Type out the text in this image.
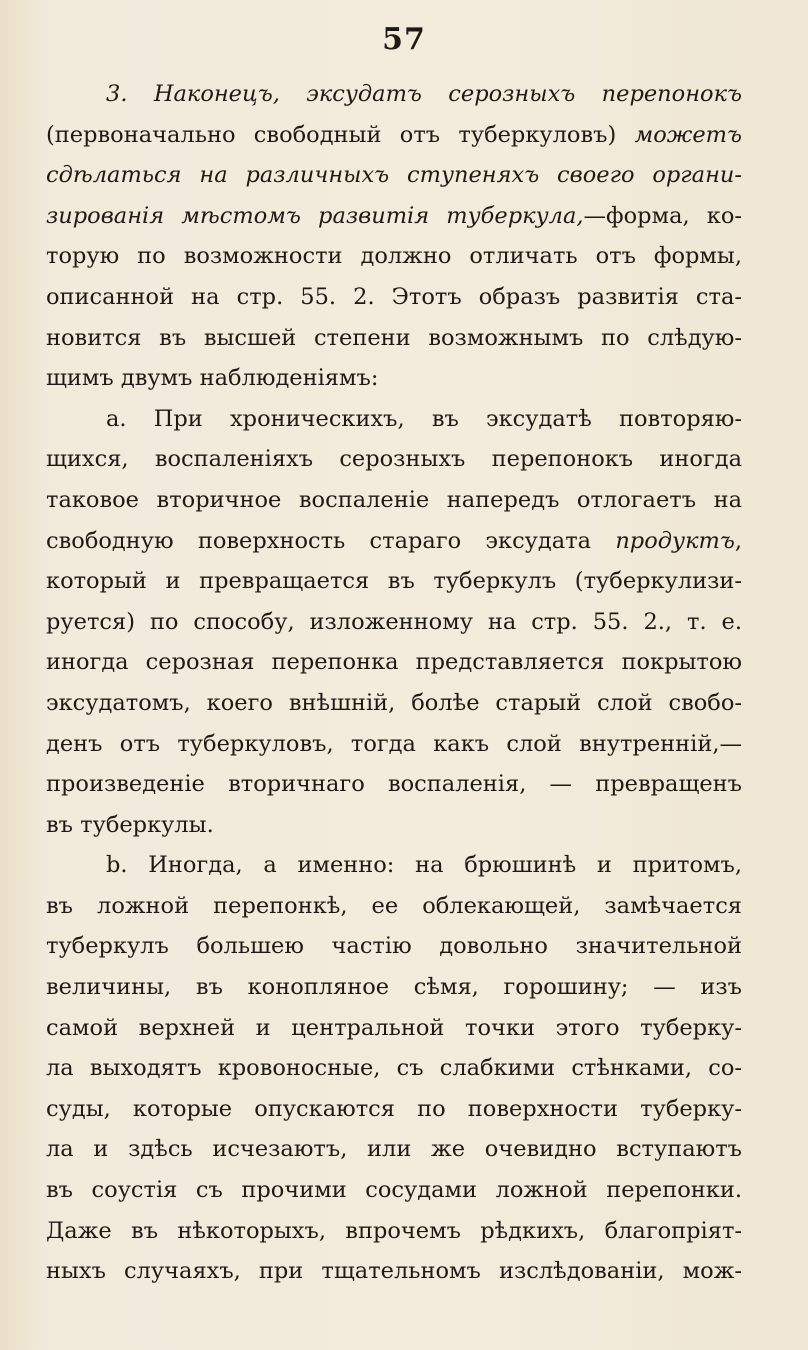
57
3. Наконецъ, эксудатъ серозныхъ перепонокъ
(первоначально свободный отъ туберкуловъ) можетъ
сдѣлаться на различныхъ ступеняхъ своего органи-
зированія мѣстомъ развитія туберкула,—форма, ко-
торую по возможности должно отличать отъ формы,
описанной на стр. 55. 2. Этотъ образъ развитія ста-
новится въ высшей степени возможнымъ по слѣдую-
щимъ двумъ наблюденіямъ:
a. При хроническихъ, въ эксудатѣ повторяю-
щихся, воспаленіяхъ серозныхъ перепонокъ иногда
таковое вторичное воспаленіе напередъ отлогаетъ на
свободную поверхность стараго эксудата продуктъ,
который и превращается въ туберкулъ (туберкулизи-
руется) по способу, изложенному на стр. 55. 2., т. е.
иногда серозная перепонка представляется покрытою
эксудатомъ, коего внѣшній, болѣе старый слой свобо-
денъ отъ туберкуловъ, тогда какъ слой внутренній,—
произведеніе вторичнаго воспаленія, — превращенъ
въ туберкулы.
b. Иногда, а именно: на брюшинѣ и притомъ,
въ ложной перепонкѣ, ее облекающей, замѣчается
туберкулъ большею частію довольно значительной
величины, въ конопляное сѣмя, горошину; — изъ
самой верхней и центральной точки этого туберку-
ла выходятъ кровоносные, съ слабкими стѣнками, со-
суды, которые опускаются по поверхности туберку-
ла и здѣсь исчезаютъ, или же очевидно вступаютъ
въ соустія съ прочими сосудами ложной перепонки.
Даже въ нѣкоторыхъ, впрочемъ рѣдкихъ, благопріят-
ныхъ случаяхъ, при тщательномъ изслѣдованіи, мож-
